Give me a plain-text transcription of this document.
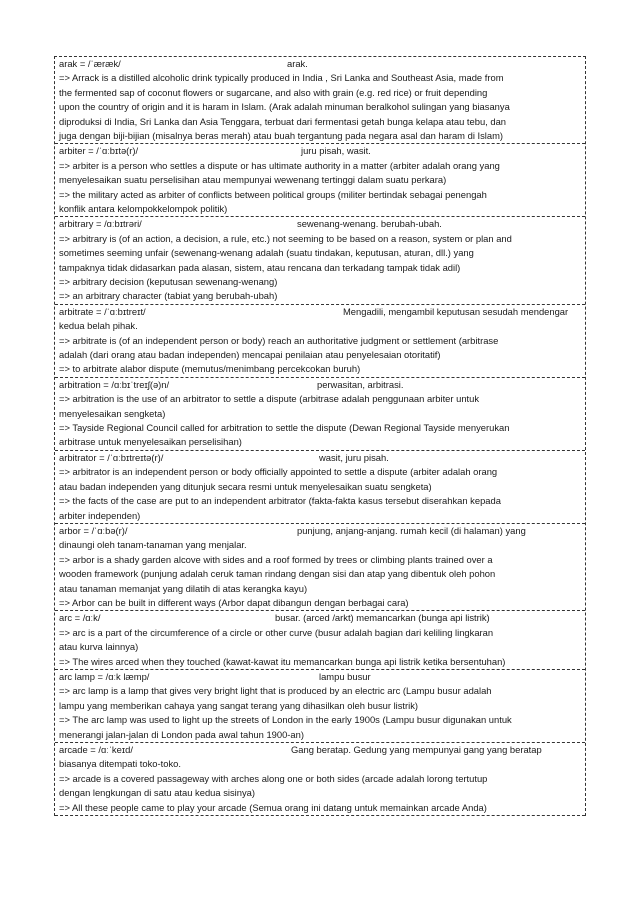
arak = /ˈæræk/	arak.
=> Arrack is a distilled alcoholic drink typically produced in India , Sri Lanka and Southeast Asia, made from
the fermented sap of coconut flowers or sugarcane, and also with grain (e.g. red rice) or fruit depending
upon the country of origin and it is haram in Islam. (Arak adalah minuman beralkohol sulingan yang biasanya
diproduksi di India, Sri Lanka dan Asia Tenggara, terbuat dari fermentasi getah bunga kelapa atau tebu, dan
juga dengan biji-bijian (misalnya beras merah) atau buah tergantung pada negara asal dan haram di Islam)
arbiter = /ˈɑːbɪtə(r)/	juru pisah, wasit.
=> arbiter is a person who settles a dispute or has ultimate authority in a matter (arbiter adalah orang yang
menyelesaikan suatu perselisihan atau mempunyai wewenang tertinggi dalam suatu perkara)
=> the military acted as arbiter of conflicts between political groups (militer bertindak sebagai penengah
konflik antara kelompokkelompok politik)
arbitrary = /ɑːbɪtrəri/	sewenang-wenang. berubah-ubah.
=> arbitrary is (of an action, a decision, a rule, etc.) not seeming to be based on a reason, system or plan and
sometimes seeming unfair (sewenang-wenang adalah (suatu tindakan, keputusan, aturan, dll.) yang
tampaknya tidak didasarkan pada alasan, sistem, atau rencana dan terkadang tampak tidak adil)
=> arbitrary decision (keputusan sewenang-wenang)
=> an arbitrary character (tabiat yang berubah-ubah)
arbitrate = /ˈɑːbɪtreɪt/	Mengadili, mengambil keputusan sesudah mendengar
kedua belah pihak.
=> arbitrate is (of an independent person or body) reach an authoritative judgment or settlement (arbitrase
adalah (dari orang atau badan independen) mencapai penilaian atau penyelesaian otoritatif)
=> to arbitrate alabor dispute (memutus/menimbang percekcokan buruh)
arbitration = /ɑːbɪˈtreɪʃ(ə)n/	perwasitan, arbitrasi.
=> arbitration is the use of an arbitrator to settle a dispute (arbitrase adalah penggunaan arbiter untuk
menyelesaikan sengketa)
=> Tayside Regional Council called for arbitration to settle the dispute (Dewan Regional Tayside menyerukan
arbitrase untuk menyelesaikan perselisihan)
arbitrator = /ˈɑːbɪtreɪtə(r)/	wasit, juru pisah.
=> arbitrator is an independent person or body officially appointed to settle a dispute (arbiter adalah orang
atau badan independen yang ditunjuk secara resmi untuk menyelesaikan suatu sengketa)
=> the facts of the case are put to an independent arbitrator (fakta-fakta kasus tersebut diserahkan kepada
arbiter independen)
arbor = /ˈɑːbə(r)/	punjung, anjang-anjang. rumah kecil (di halaman) yang
dinaungi oleh tanam-tanaman yang menjalar.
=> arbor is a shady garden alcove with sides and a roof formed by trees or climbing plants trained over a
wooden framework (punjung adalah ceruk taman rindang dengan sisi dan atap yang dibentuk oleh pohon
atau tanaman memanjat yang dilatih di atas kerangka kayu)
=> Arbor can be built in different ways (Arbor dapat dibangun dengan berbagai cara)
arc = /ɑːk/	busar. (arced /arkt) memancarkan (bunga api listrik)
=> arc is a part of the circumference of a circle or other curve (busur adalah bagian dari keliling lingkaran
atau kurva lainnya)
=> The wires arced when they touched (kawat-kawat itu memancarkan bunga api listrik ketika bersentuhan)
arc lamp = /ɑːk læmp/	lampu busur
=> arc lamp is a lamp that gives very bright light that is produced by an electric arc (Lampu busur adalah
lampu yang memberikan cahaya yang sangat terang yang dihasilkan oleh busur listrik)
=> The arc lamp was used to light up the streets of London in the early 1900s (Lampu busur digunakan untuk
menerangi jalan-jalan di London pada awal tahun 1900-an)
arcade = /ɑːˈkeɪd/	Gang beratap. Gedung yang mempunyai gang yang beratap
biasanya ditempati toko-toko.
=> arcade is a covered passageway with arches along one or both sides (arcade adalah lorong tertutup
dengan lengkungan di satu atau kedua sisinya)
=> All these people came to play your arcade (Semua orang ini datang untuk memainkan arcade Anda)
